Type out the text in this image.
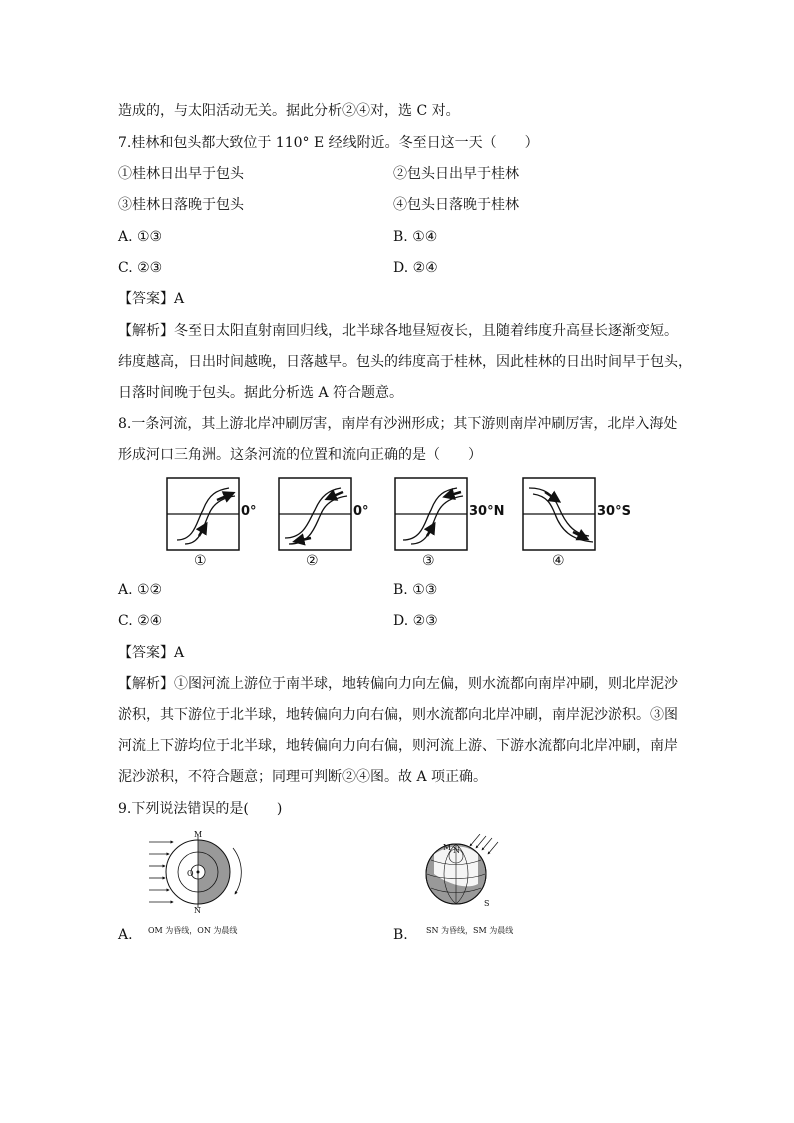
造成的，与太阳活动无关。据此分析②④对，选 C 对。
7.桂林和包头都大致位于 110° E 经线附近。冬至日这一天（　　）
①桂林日出早于包头	②包头日出早于桂林
③桂林日落晚于包头	④包头日落晚于桂林
A. ①③	B. ①④
C. ②③	D. ②④
【答案】A
【解析】冬至日太阳直射南回归线，北半球各地昼短夜长，且随着纬度升高昼长逐渐变短。
纬度越高，日出时间越晚，日落越早。包头的纬度高于桂林，因此桂林的日出时间早于包头，
日落时间晚于包头。据此分析选 A 符合题意。
8.一条河流，其上游北岸冲刷厉害，南岸有沙洲形成；其下游则南岸冲刷厉害，北岸入海处
形成河口三角洲。这条河流的位置和流向正确的是（　　）
0°	0°	30°N	30°S
①	②	③	④
A. ①②	B. ①③
C. ②④	D. ②③
【答案】A
【解析】①图河流上游位于南半球，地转偏向力向左偏，则水流都向南岸冲刷，则北岸泥沙
淤积，其下游位于北半球，地转偏向力向右偏，则水流都向北岸冲刷，南岸泥沙淤积。③图
河流上下游均位于北半球，地转偏向力向右偏，则河流上游、下游水流都向北岸冲刷，南岸
泥沙淤积，不符合题意；同理可判断②④图。故 A 项正确。
9.下列说法错误的是(　　)
M
N
O
N
M
S
A. OM 为昏线，ON 为晨线	B. SN 为昏线，SM 为晨线
